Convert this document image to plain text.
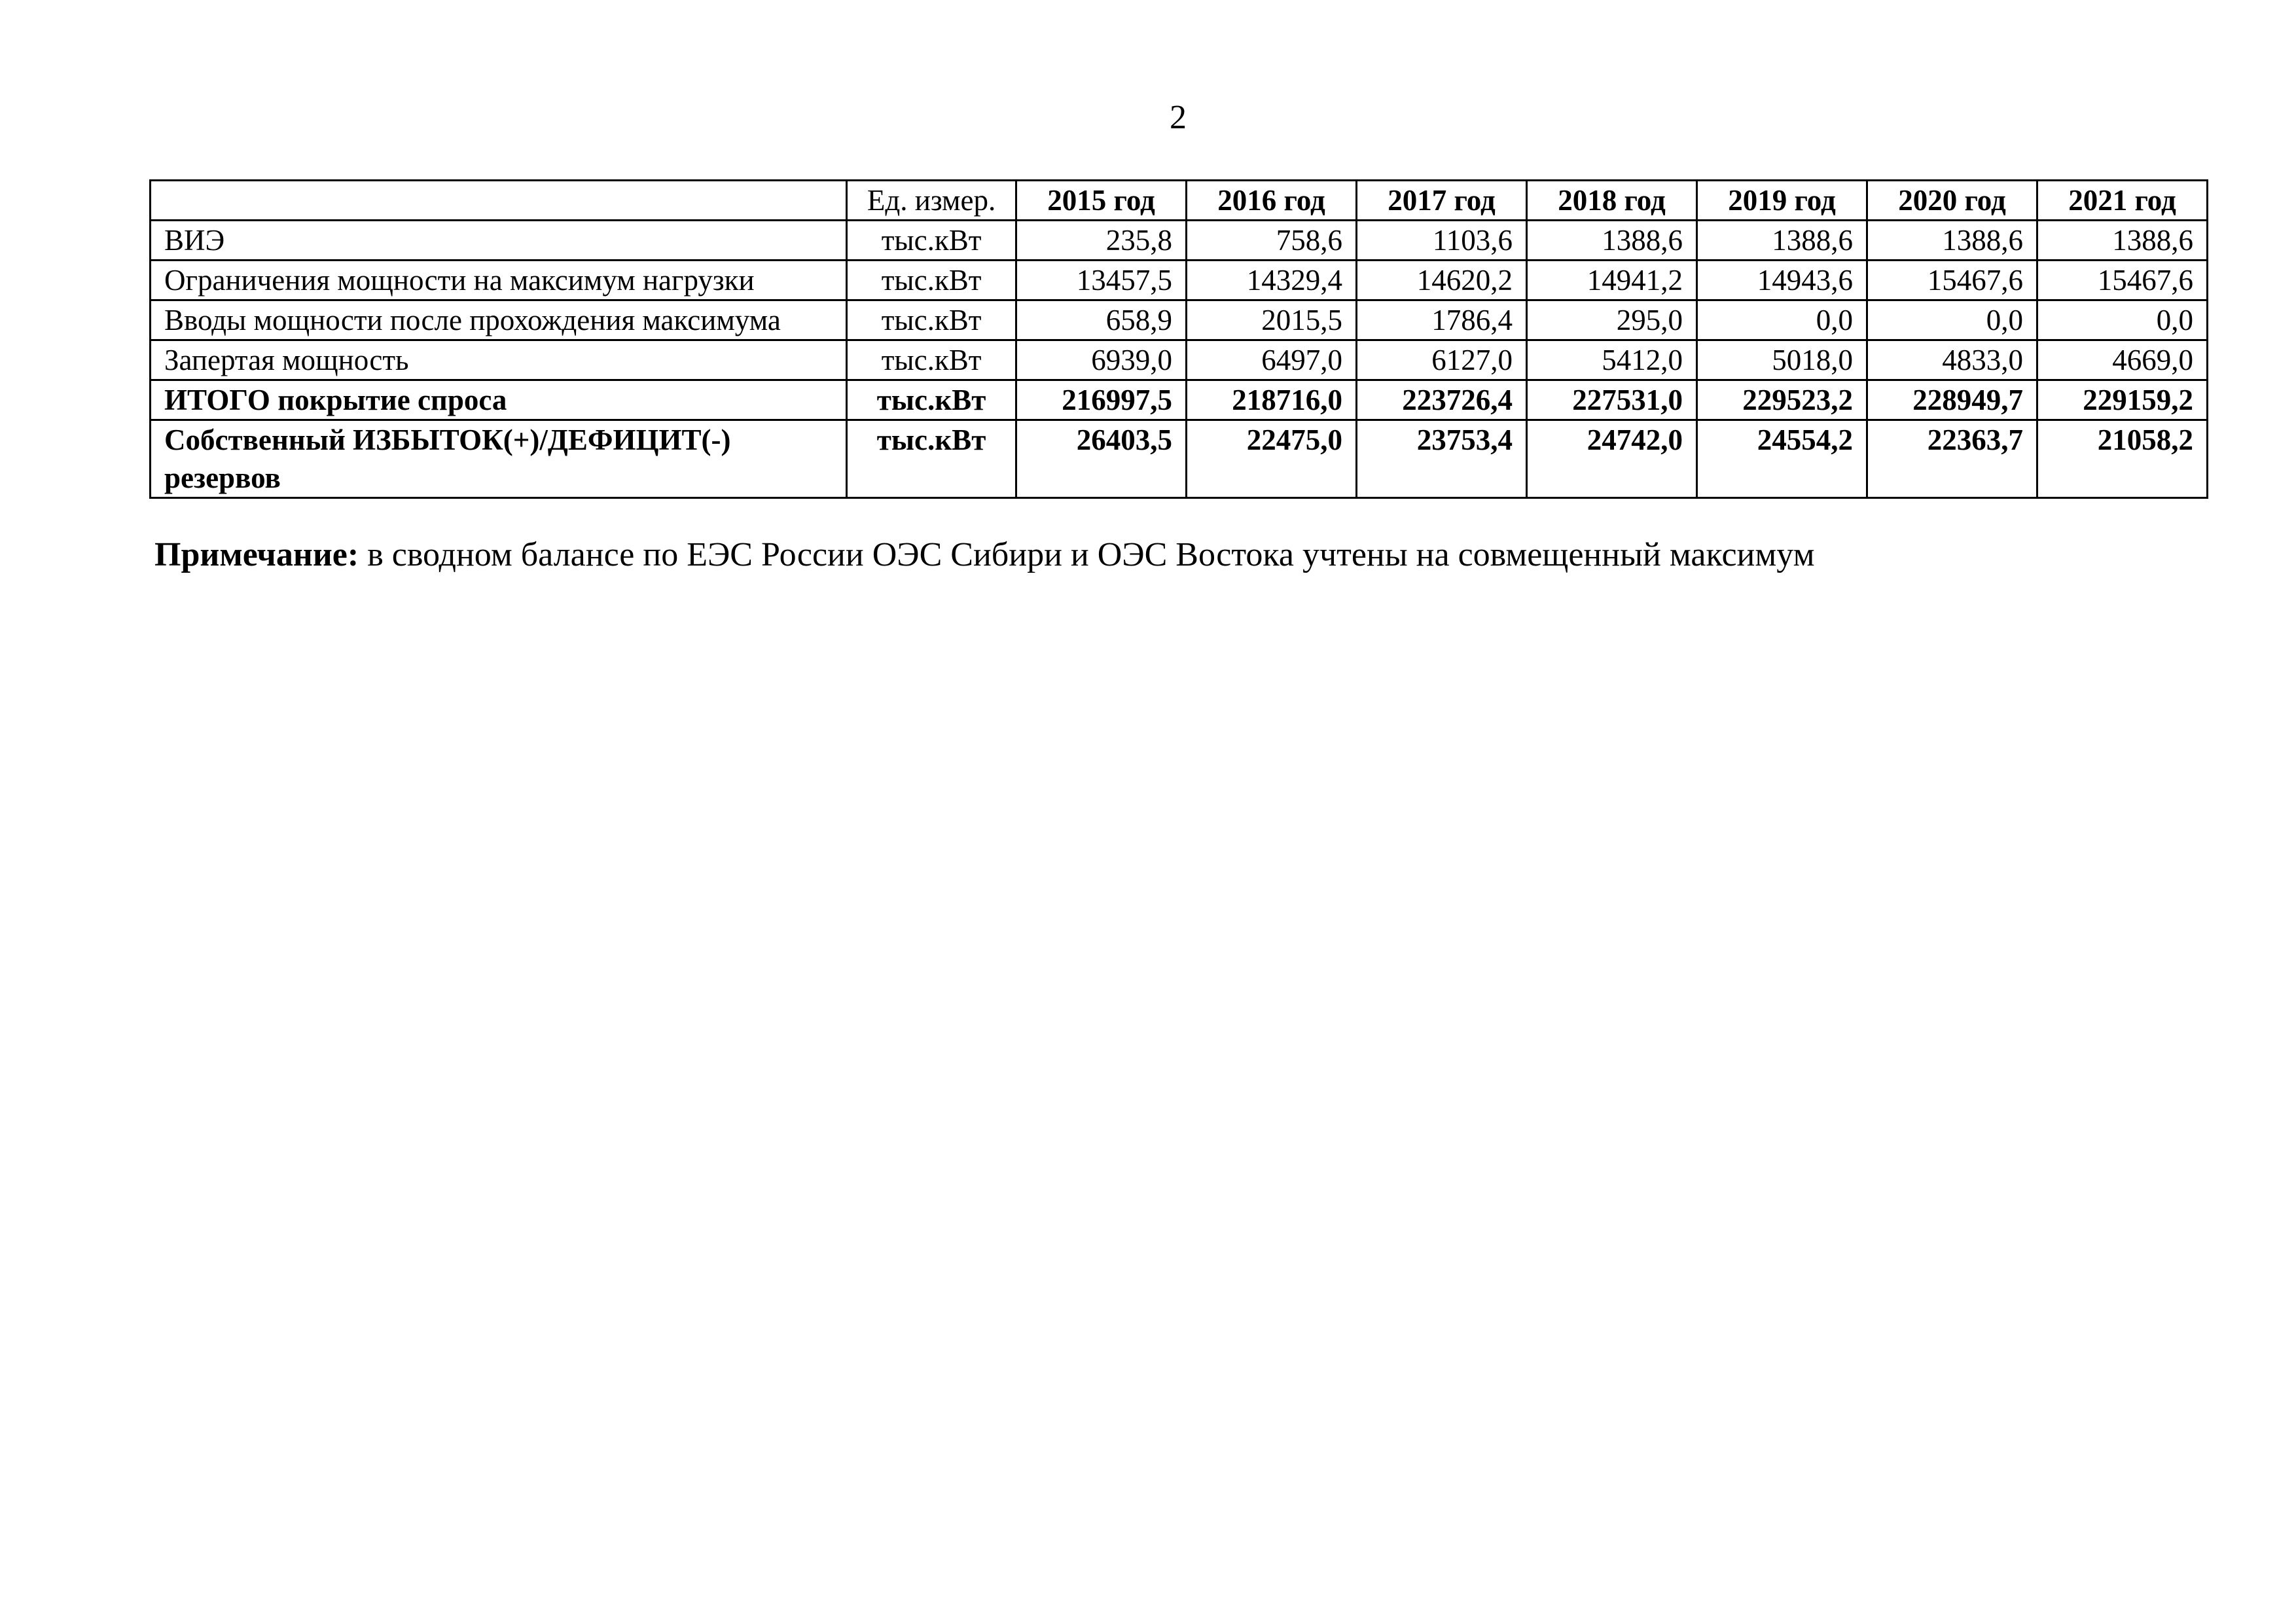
2
	Ед. измер.	2015 год	2016 год	2017 год	2018 год	2019 год	2020 год	2021 год
ВИЭ	тыс.кВт	235,8	758,6	1103,6	1388,6	1388,6	1388,6	1388,6
Ограничения мощности на максимум нагрузки	тыс.кВт	13457,5	14329,4	14620,2	14941,2	14943,6	15467,6	15467,6
Вводы мощности после прохождения максимума	тыс.кВт	658,9	2015,5	1786,4	295,0	0,0	0,0	0,0
Запертая мощность	тыс.кВт	6939,0	6497,0	6127,0	5412,0	5018,0	4833,0	4669,0
ИТОГО покрытие спроса	тыс.кВт	216997,5	218716,0	223726,4	227531,0	229523,2	228949,7	229159,2
Собственный ИЗБЫТОК(+)/ДЕФИЦИТ(-) резервов	тыс.кВт	26403,5	22475,0	23753,4	24742,0	24554,2	22363,7	21058,2
Примечание: в сводном балансе по ЕЭС России ОЭС Сибири и ОЭС Востока учтены на совмещенный максимум
